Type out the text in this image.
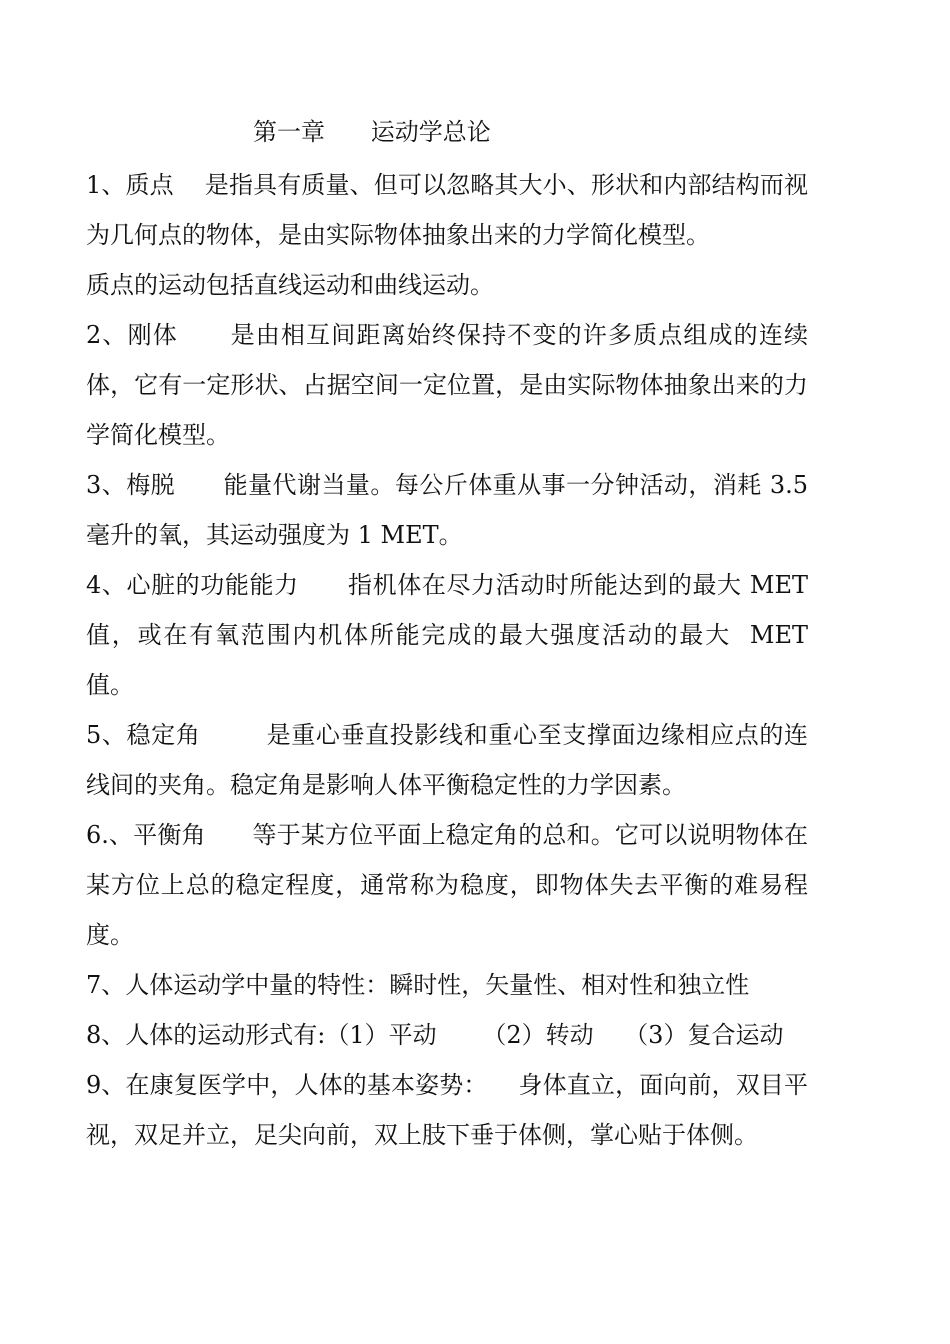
第一章      运动学总论

1、质点    是指具有质量、但可以忽略其大小、形状和内部结构而视为几何点的物体，是由实际物体抽象出来的力学简化模型。

质点的运动包括直线运动和曲线运动。

2、刚体      是由相互间距离始终保持不变的许多质点组成的连续体，它有一定形状、占据空间一定位置，是由实际物体抽象出来的力学简化模型。

3、梅脱      能量代谢当量。每公斤体重从事一分钟活动，消耗 3.5 毫升的氧，其运动强度为 1 MET。

4、心脏的功能能力      指机体在尽力活动时所能达到的最大 MET 值，或在有氧范围内机体所能完成的最大强度活动的最大  MET 值。

5、稳定角        是重心垂直投影线和重心至支撑面边缘相应点的连线间的夹角。稳定角是影响人体平衡稳定性的力学因素。

6.、平衡角      等于某方位平面上稳定角的总和。它可以说明物体在某方位上总的稳定程度，通常称为稳度，即物体失去平衡的难易程度。

7、人体运动学中量的特性：瞬时性，矢量性、相对性和独立性

8、人体的运动形式有:（1）平动      （2）转动    （3）复合运动

9、在康复医学中，人体的基本姿势：    身体直立，面向前，双目平视，双足并立，足尖向前，双上肢下垂于体侧，掌心贴于体侧。
